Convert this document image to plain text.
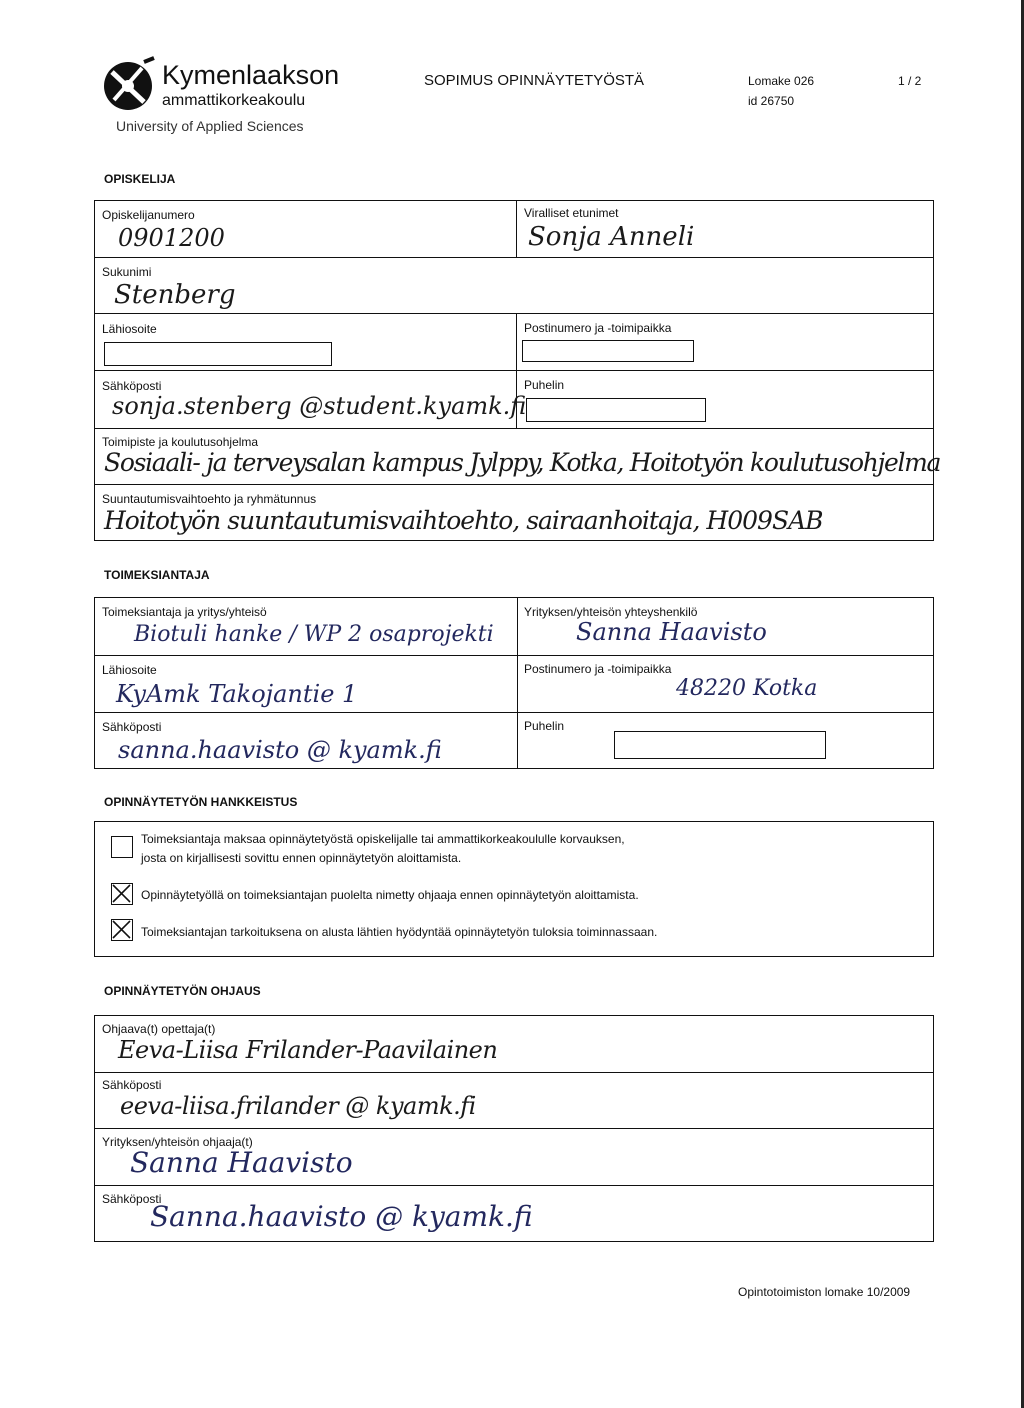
Kymenlaakson
ammattikorkeakoulu
University of Applied Sciences
SOPIMUS OPINNÄYTETYÖSTÄ	Lomake 026
id 26750
1 / 2
OPISKELIJA
Opiskelijanumero
0901200
Viralliset etunimet
Sonja Anneli
Sukunimi
Stenberg
Lähiosoite	Postinumero ja -toimipaikka
Sähköposti
sonja.stenberg @student.kyamk.fi
Puhelin
Toimipiste ja koulutusohjelma
Sosiaali- ja terveysalan kampus Jylppy, Kotka, Hoitotyön koulutusohjelma
Suuntautumisvaihtoehto ja ryhmätunnus
Hoitotyön suuntautumisvaihtoehto, sairaanhoitaja, H009SAB
TOIMEKSIANTAJA
Toimeksiantaja ja yritys/yhteisö
Biotuli hanke / WP 2 osaprojekti
Yrityksen/yhteisön yhteyshenkilö
Sanna Haavisto
Lähiosoite
KyAmk Takojantie 1
Postinumero ja -toimipaikka
48220 Kotka
Sähköposti
sanna.haavisto @ kyamk.fi
Puhelin
OPINNÄYTETYÖN HANKKEISTUS
Toimeksiantaja maksaa opinnäytetyöstä opiskelijalle tai ammattikorkeakoululle korvauksen,
josta on kirjallisesti sovittu ennen opinnäytetyön aloittamista.
Opinnäytetyöllä on toimeksiantajan puolelta nimetty ohjaaja ennen opinnäytetyön aloittamista.
Toimeksiantajan tarkoituksena on alusta lähtien hyödyntää opinnäytetyön tuloksia toiminnassaan.
OPINNÄYTETYÖN OHJAUS
Ohjaava(t) opettaja(t)
Eeva-Liisa Frilander-Paavilainen
Sähköposti
eeva-liisa.frilander @ kyamk.fi
Yrityksen/yhteisön ohjaaja(t)
Sanna Haavisto
Sähköposti
Sanna.haavisto @ kyamk.fi
Opintotoimiston lomake 10/2009
